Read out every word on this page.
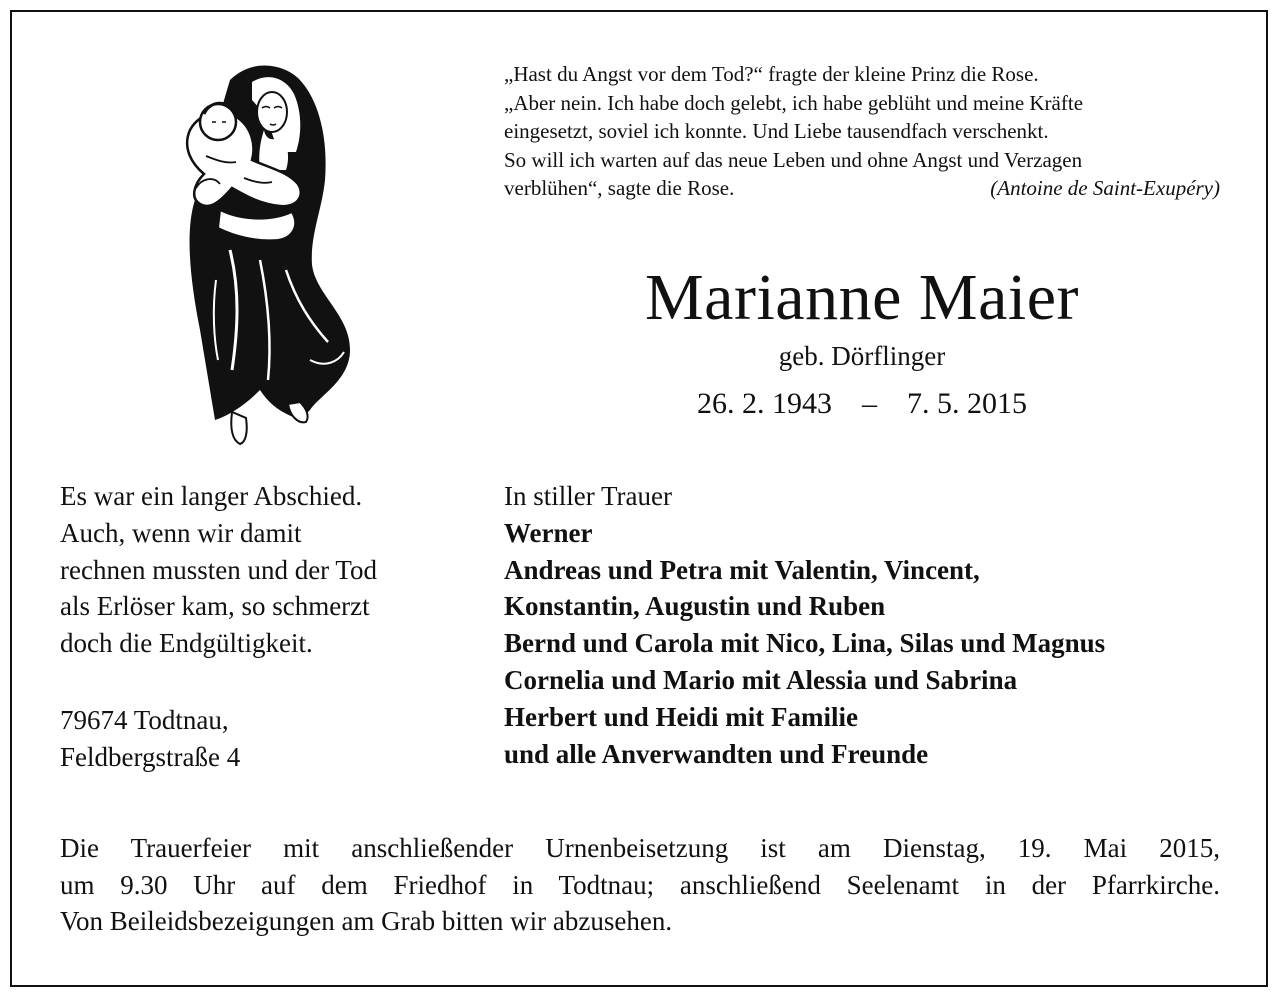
„Hast du Angst vor dem Tod?“ fragte der kleine Prinz die Rose.
„Aber nein. Ich habe doch gelebt, ich habe geblüht und meine Kräfte
eingesetzt, soviel ich konnte. Und Liebe tausendfach verschenkt.
So will ich warten auf das neue Leben und ohne Angst und Verzagen
verblühen“, sagte die Rose.	(Antoine de Saint-Exupéry)
Marianne Maier
geb. Dörflinger
26. 2. 1943    –    7. 5. 2015
Es war ein langer Abschied.
Auch, wenn wir damit
rechnen mussten und der Tod
als Erlöser kam, so schmerzt
doch die Endgültigkeit.
79674 Todtnau,
Feldbergstraße 4
In stiller Trauer
Werner
Andreas und Petra mit Valentin, Vincent,
Konstantin, Augustin und Ruben
Bernd und Carola mit Nico, Lina, Silas und Magnus
Cornelia und Mario mit Alessia und Sabrina
Herbert und Heidi mit Familie
und alle Anverwandten und Freunde
Die Trauerfeier mit anschließender Urnenbeisetzung ist am Dienstag, 19. Mai 2015,
um 9.30 Uhr auf dem Friedhof in Todtnau; anschließend Seelenamt in der Pfarrkirche.
Von Beileidsbezeigungen am Grab bitten wir abzusehen.
